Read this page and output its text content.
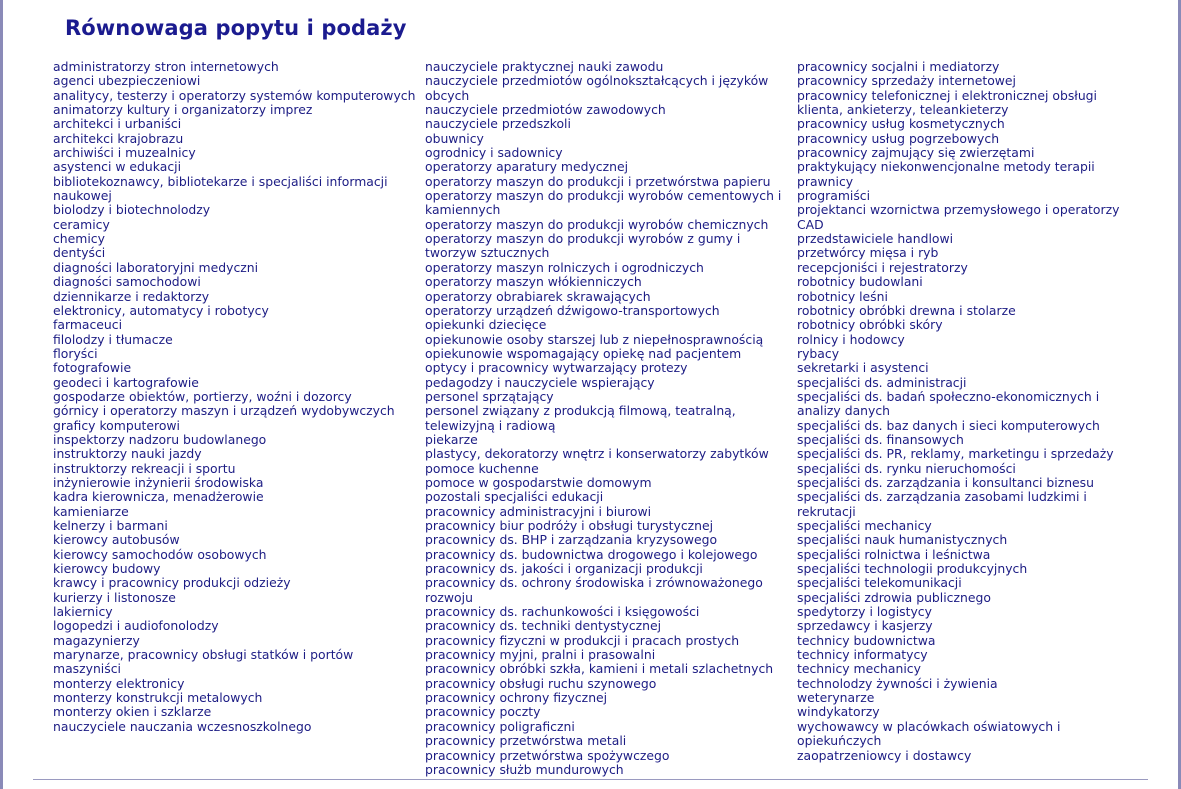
Równowaga popytu i podaży
administratorzy stron internetowych
agenci ubezpieczeniowi
analitycy, testerzy i operatorzy systemów komputerowych
animatorzy kultury i organizatorzy imprez
architekci i urbaniści
architekci krajobrazu
archiwiści i muzealnicy
asystenci w edukacji
bibliotekoznawcy, bibliotekarze i specjaliści informacji naukowej
biolodzy i biotechnolodzy
ceramicy
chemicy
dentyści
diagności laboratoryjni medyczni
diagności samochodowi
dziennikarze i redaktorzy
elektronicy, automatycy i robotycy
farmaceuci
filolodzy i tłumacze
floryści
fotografowie
geodeci i kartografowie
gospodarze obiektów, portierzy, woźni i dozorcy
górnicy i operatorzy maszyn i urządzeń wydobywczych
graficy komputerowi
inspektorzy nadzoru budowlanego
instruktorzy nauki jazdy
instruktorzy rekreacji i sportu
inżynierowie inżynierii środowiska
kadra kierownicza, menadżerowie
kamieniarze
kelnerzy i barmani
kierowcy autobusów
kierowcy samochodów osobowych
kierowcy budowy
krawcy i pracownicy produkcji odzieży
kurierzy i listonosze
lakiernicy
logopedzi i audiofonolodzy
magazynierzy
marynarze, pracownicy obsługi statków i portów
maszyniści
monterzy elektronicy
monterzy konstrukcji metalowych
monterzy okien i szklarze
nauczyciele nauczania wczesnoszkolnego
nauczyciele praktycznej nauki zawodu
nauczyciele przedmiotów ogólnokształcących i języków obcych
nauczyciele przedmiotów zawodowych
nauczyciele przedszkoli
obuwnicy
ogrodnicy i sadownicy
operatorzy aparatury medycznej
operatorzy maszyn do produkcji i przetwórstwa papieru
operatorzy maszyn do produkcji wyrobów cementowych i kamiennych
operatorzy maszyn do produkcji wyrobów chemicznych
operatorzy maszyn do produkcji wyrobów z gumy i tworzyw sztucznych
operatorzy maszyn rolniczych i ogrodniczych
operatorzy maszyn włókienniczych
operatorzy obrabiarek skrawających
operatorzy urządzeń dźwigowo-transportowych
opiekunki dziecięce
opiekunowie osoby starszej lub z niepełnosprawnością
opiekunowie wspomagający opiekę nad pacjentem
optycy i pracownicy wytwarzający protezy
pedagodzy i nauczyciele wspierający
personel sprzątający
personel związany z produkcją filmową, teatralną, telewizyjną i radiową
piekarze
plastycy, dekoratorzy wnętrz i konserwatorzy zabytków
pomoce kuchenne
pomoce w gospodarstwie domowym
pozostali specjaliści edukacji
pracownicy administracyjni i biurowi
pracownicy biur podróży i obsługi turystycznej
pracownicy ds. BHP i zarządzania kryzysowego
pracownicy ds. budownictwa drogowego i kolejowego
pracownicy ds. jakości i organizacji produkcji
pracownicy ds. ochrony środowiska i zrównoważonego rozwoju
pracownicy ds. rachunkowości i księgowości
pracownicy ds. techniki dentystycznej
pracownicy fizyczni w produkcji i pracach prostych
pracownicy myjni, pralni i prasowalni
pracownicy obróbki szkła, kamieni i metali szlachetnych
pracownicy obsługi ruchu szynowego
pracownicy ochrony fizycznej
pracownicy poczty
pracownicy poligraficzni
pracownicy przetwórstwa metali
pracownicy przetwórstwa spożywczego
pracownicy służb mundurowych
pracownicy socjalni i mediatorzy
pracownicy sprzedaży internetowej
pracownicy telefonicznej i elektronicznej obsługi klienta, ankieterzy, teleankieterzy
pracownicy usług kosmetycznych
pracownicy usług pogrzebowych
pracownicy zajmujący się zwierzętami
praktykujący niekonwencjonalne metody terapii
prawnicy
programiści
projektanci wzornictwa przemysłowego i operatorzy CAD
przedstawiciele handlowi
przetwórcy mięsa i ryb
recepcjoniści i rejestratorzy
robotnicy budowlani
robotnicy leśni
robotnicy obróbki drewna i stolarze
robotnicy obróbki skóry
rolnicy i hodowcy
rybacy
sekretarki i asystenci
specjaliści ds. administracji
specjaliści ds. badań społeczno-ekonomicznych i analizy danych
specjaliści ds. baz danych i sieci komputerowych
specjaliści ds. finansowych
specjaliści ds. PR, reklamy, marketingu i sprzedaży
specjaliści ds. rynku nieruchomości
specjaliści ds. zarządzania i konsultanci biznesu
specjaliści ds. zarządzania zasobami ludzkimi i rekrutacji
specjaliści mechanicy
specjaliści nauk humanistycznych
specjaliści rolnictwa i leśnictwa
specjaliści technologii produkcyjnych
specjaliści telekomunikacji
specjaliści zdrowia publicznego
spedytorzy i logistycy
sprzedawcy i kasjerzy
technicy budownictwa
technicy informatycy
technicy mechanicy
technolodzy żywności i żywienia
weterynarze
windykatorzy
wychowawcy w placówkach oświatowych i opiekuńczych
zaopatrzeniowcy i dostawcy
